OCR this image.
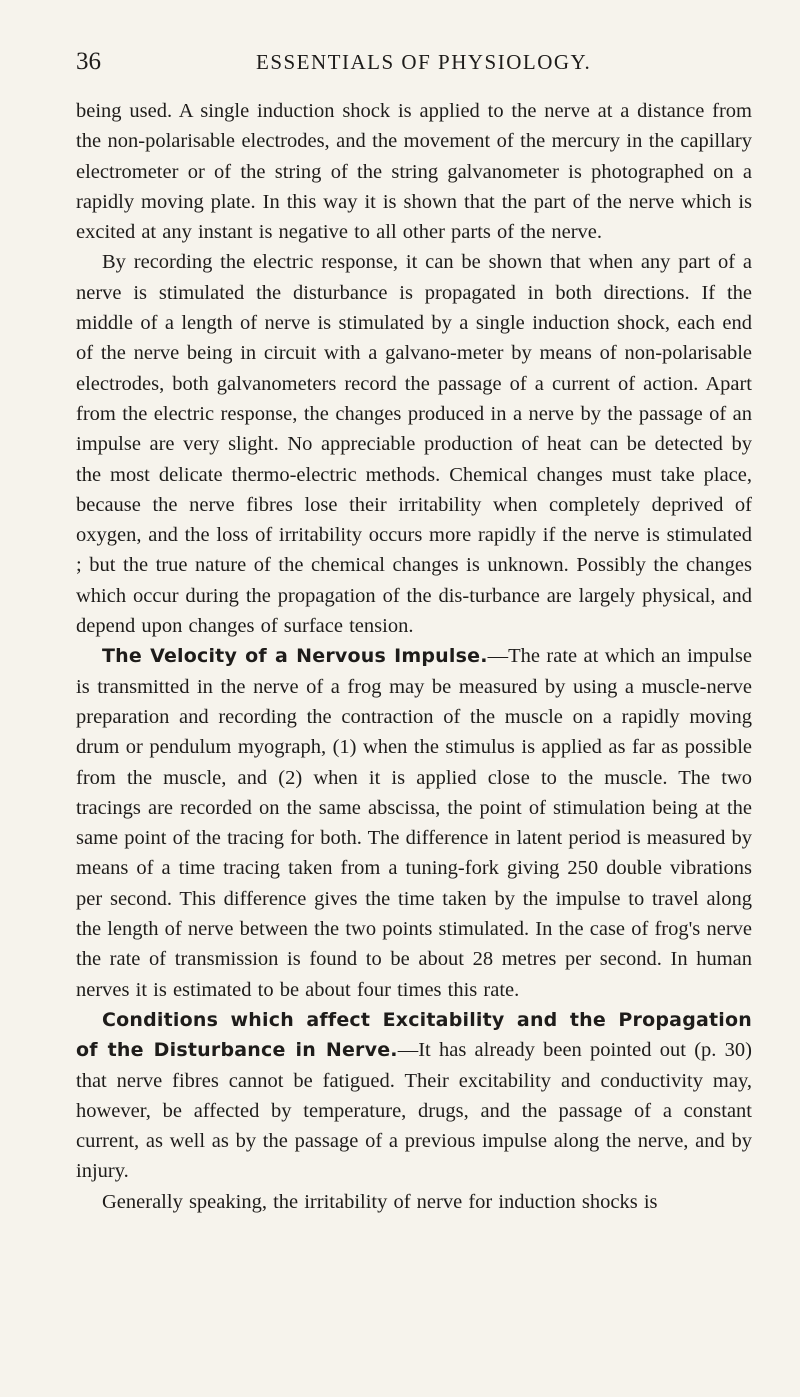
36	ESSENTIALS OF PHYSIOLOGY.

being used. A single induction shock is applied to the nerve at a distance from the non-polarisable electrodes, and the movement of the mercury in the capillary electrometer or of the string of the string galvanometer is photographed on a rapidly moving plate. In this way it is shown that the part of the nerve which is excited at any instant is negative to all other parts of the nerve.

By recording the electric response, it can be shown that when any part of a nerve is stimulated the disturbance is propagated in both directions. If the middle of a length of nerve is stimulated by a single induction shock, each end of the nerve being in circuit with a galvano-meter by means of non-polarisable electrodes, both galvanometers record the passage of a current of action. Apart from the electric response, the changes produced in a nerve by the passage of an impulse are very slight. No appreciable production of heat can be detected by the most delicate thermo-electric methods. Chemical changes must take place, because the nerve fibres lose their irritability when completely deprived of oxygen, and the loss of irritability occurs more rapidly if the nerve is stimulated ; but the true nature of the chemical changes is unknown. Possibly the changes which occur during the propagation of the dis-turbance are largely physical, and depend upon changes of surface tension.

The Velocity of a Nervous Impulse.—The rate at which an impulse is transmitted in the nerve of a frog may be measured by using a muscle-nerve preparation and recording the contraction of the muscle on a rapidly moving drum or pendulum myograph, (1) when the stimulus is applied as far as possible from the muscle, and (2) when it is applied close to the muscle. The two tracings are recorded on the same abscissa, the point of stimulation being at the same point of the tracing for both. The difference in latent period is measured by means of a time tracing taken from a tuning-fork giving 250 double vibrations per second. This difference gives the time taken by the impulse to travel along the length of nerve between the two points stimulated. In the case of frog's nerve the rate of transmission is found to be about 28 metres per second. In human nerves it is estimated to be about four times this rate.

Conditions which affect Excitability and the Propagation of the Disturbance in Nerve.—It has already been pointed out (p. 30) that nerve fibres cannot be fatigued. Their excitability and conductivity may, however, be affected by temperature, drugs, and the passage of a constant current, as well as by the passage of a previous impulse along the nerve, and by injury.

Generally speaking, the irritability of nerve for induction shocks is
